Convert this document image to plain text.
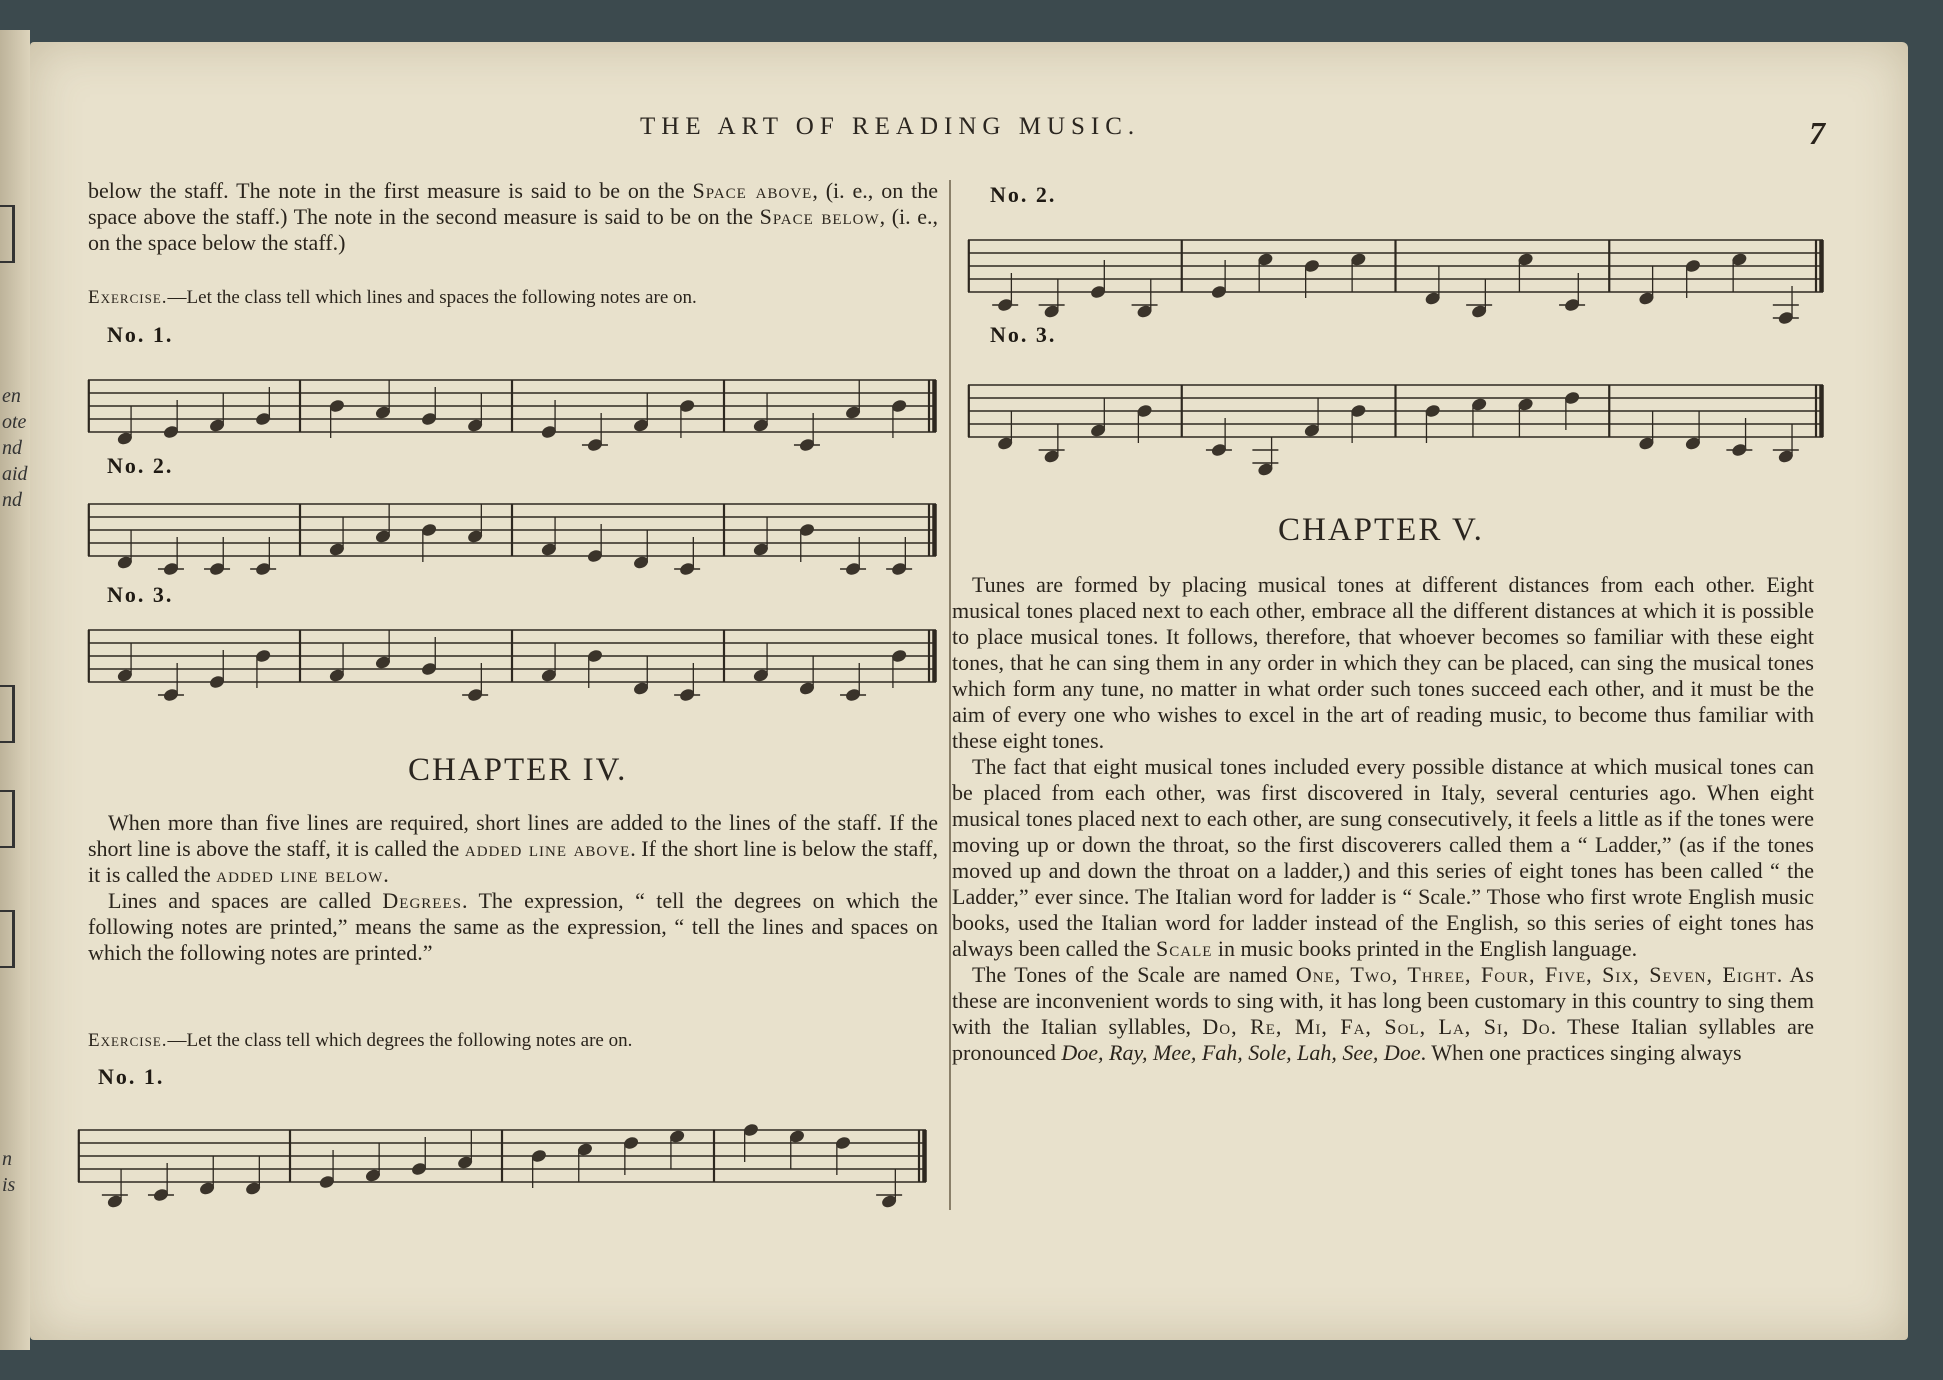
en
ote
nd
aid
nd
n
is
THE ART OF READING MUSIC.	7

below the staff. The note in the first measure is said to be on the Space above, (i. e., on the space above the staff.) The note in the second measure is said to be on the Space below, (i. e., on the space below the staff.)

Exercise.—Let the class tell which lines and spaces the following notes are on.

No. 1.
No. 2.
No. 3.
CHAPTER IV.

When more than five lines are required, short lines are added to the lines of the staff. If the short line is above the staff, it is called the added line above. If the short line is below the staff, it is called the added line below.

Lines and spaces are called Degrees. The expression, “ tell the degrees on which the following notes are printed,” means the same as the expression, “ tell the lines and spaces on which the following notes are printed.”

Exercise.—Let the class tell which degrees the following notes are on.

No. 1.
No. 2.
No. 3.
CHAPTER V.

Tunes are formed by placing musical tones at different distances from each other. Eight musical tones placed next to each other, embrace all the different distances at which it is possible to place musical tones. It follows, therefore, that whoever becomes so familiar with these eight tones, that he can sing them in any order in which they can be placed, can sing the musical tones which form any tune, no matter in what order such tones succeed each other, and it must be the aim of every one who wishes to excel in the art of reading music, to become thus familiar with these eight tones.

The fact that eight musical tones included every possible distance at which musical tones can be placed from each other, was first discovered in Italy, several centuries ago. When eight musical tones placed next to each other, are sung consecutively, it feels a little as if the tones were moving up or down the throat, so the first discoverers called them a “ Ladder,” (as if the tones moved up and down the throat on a ladder,) and this series of eight tones has been called “ the Ladder,” ever since. The Italian word for ladder is “ Scale.” Those who first wrote English music books, used the Italian word for ladder instead of the English, so this series of eight tones has always been called the Scale in music books printed in the English language.

The Tones of the Scale are named One, Two, Three, Four, Five, Six, Seven, Eight. As these are inconvenient words to sing with, it has long been customary in this country to sing them with the Italian syllables, Do, Re, Mi, Fa, Sol, La, Si, Do. These Italian syllables are pronounced Doe, Ray, Mee, Fah, Sole, Lah, See, Doe. When one practices singing always
